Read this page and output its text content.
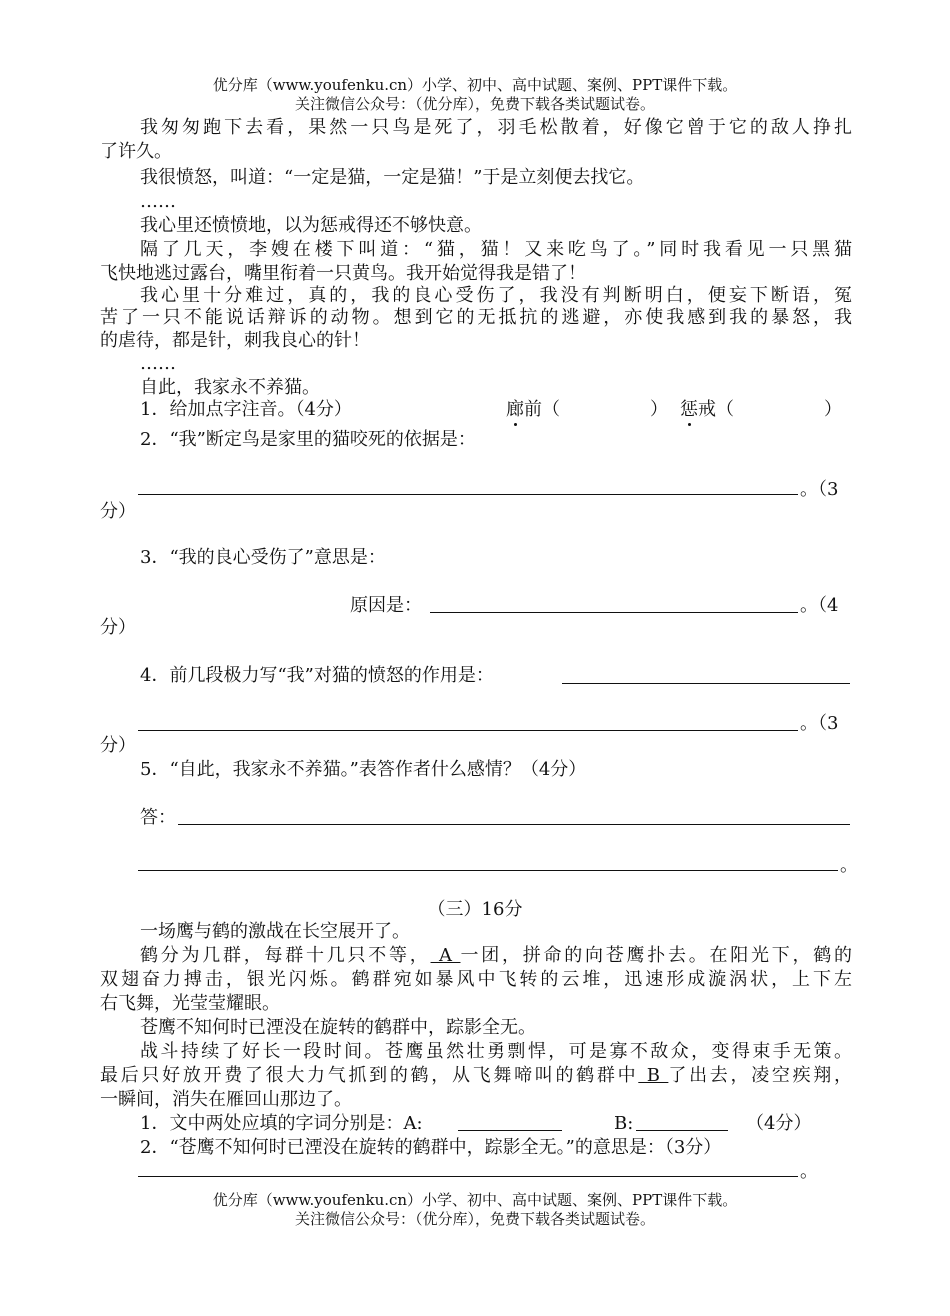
优分库（www.youfenku.cn）小学、初中、高中试题、案例、PPT课件下载。
关注微信公众号：（优分库），免费下载各类试题试卷。
我匆匆跑下去看，果然一只鸟是死了，羽毛松散着，好像它曾于它的敌人挣扎
了许久。
我很愤怒，叫道：“一定是猫，一定是猫！”于是立刻便去找它。
……
我心里还愤愤地，以为惩戒得还不够快意。
隔了几天，李嫂在楼下叫道：“猫，猫！又来吃鸟了。”同时我看见一只黑猫
飞快地逃过露台，嘴里衔着一只黄鸟。我开始觉得我是错了！
我心里十分难过，真的，我的良心受伤了，我没有判断明白，便妄下断语，冤
苦了一只不能说话辩诉的动物。想到它的无抵抗的逃避，亦使我感到我的暴怒，我
的虐待，都是针，刺我良心的针！
……
自此，我家永不养猫。
1．给加点字注音。（4分）	廊前（	） 惩戒（	）
2．“我”断定鸟是家里的猫咬死的依据是：
。（3
分）
3．“我的良心受伤了”意思是：
原因是：	。（4
分）
4．前几段极力写“我”对猫的愤怒的作用是：
。（3
分）
5．“自此，我家永不养猫。”表答作者什么感情？（4分）
答：
。
（三）16分
一场鹰与鹤的激战在长空展开了。
鹤分为几群，每群十几只不等， A 一团，拼命的向苍鹰扑去。在阳光下，鹤的
双翅奋力搏击，银光闪烁。鹤群宛如暴风中飞转的云堆，迅速形成漩涡状，上下左
右飞舞，光莹莹耀眼。
苍鹰不知何时已湮没在旋转的鹤群中，踪影全无。
战斗持续了好长一段时间。苍鹰虽然壮勇剽悍，可是寡不敌众，变得束手无策。
最后只好放开费了很大力气抓到的鹤，从飞舞啼叫的鹤群中 B 了出去，凌空疾翔，
一瞬间，消失在雁回山那边了。
1．文中两处应填的字词分别是：A:	B:	（4分）
2．“苍鹰不知何时已湮没在旋转的鹤群中，踪影全无。”的意思是：（3分）
。
优分库（www.youfenku.cn）小学、初中、高中试题、案例、PPT课件下载。
关注微信公众号：（优分库），免费下载各类试题试卷。
